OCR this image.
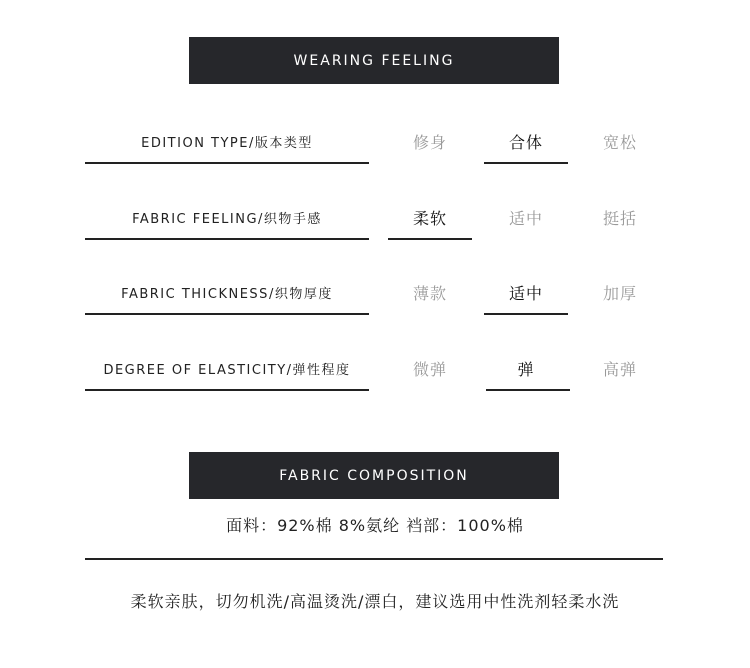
WEARING FEELING
EDITION TYPE/版本类型	修身	合体	宽松
FABRIC FEELING/织物手感	柔软	适中	挺括
FABRIC THICKNESS/织物厚度	薄款	适中	加厚
DEGREE OF ELASTICITY/弹性程度	微弹	弹	高弹
FABRIC COMPOSITION
面料：92%棉 8%氨纶 裆部：100%棉
柔软亲肤，切勿机洗/高温烫洗/漂白，建议选用中性洗剂轻柔水洗
